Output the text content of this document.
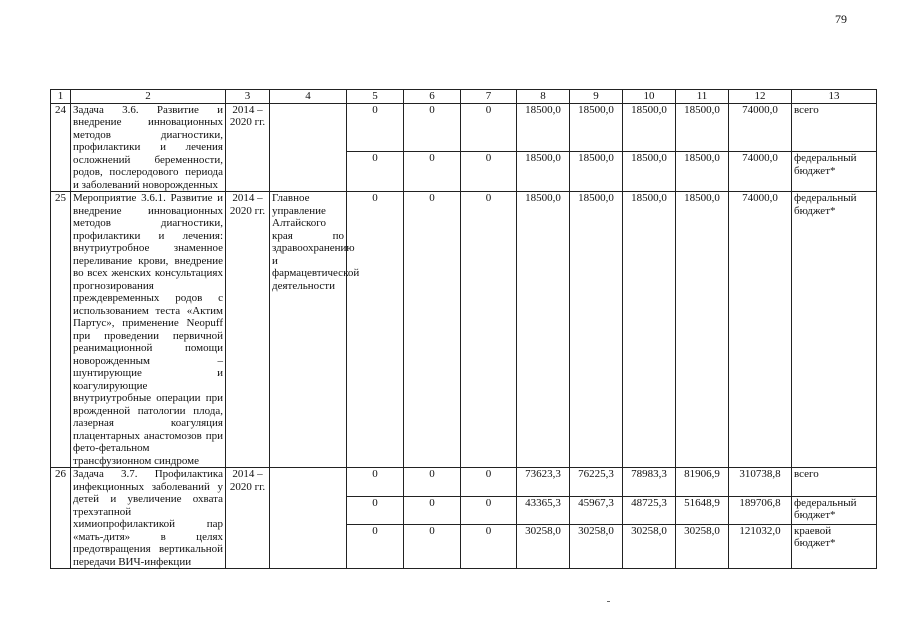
79
1	2	3	4	5	6	7	8	9	10	11	12	13
24	Задача 3.6. Развитие и внедрение инновационных методов диагностики, профилактики и лечения осложнений беременности, родов, послеродового периода и заболеваний новорожденных	2014 – 2020 гг.		0	0	0	18500,0	18500,0	18500,0	18500,0	74000,0	всего
				0	0	0	18500,0	18500,0	18500,0	18500,0	74000,0	федеральный бюджет*
25	Мероприятие 3.6.1. Развитие и внедрение инновационных методов диагностики, профилактики и лечения: внутриутробное знаменное переливание крови, внедрение во всех женских консультациях прогнозирования преждевременных родов с использованием теста «Актим Партус», применение Neopuff при проведении первичной реанимационной помощи новорожденным – шунтирующие и коагулирующие внутриутробные операции при врожденной патологии плода, лазерная коагуляция плацентарных анастомозов при фето-фетальном трансфузионном синдроме	2014 – 2020 гг.	Главное управление Алтайского края по здравоохранению и фармацевтической деятельности	0	0	0	18500,0	18500,0	18500,0	18500,0	74000,0	федеральный бюджет*
26	Задача 3.7. Профилактика инфекционных заболеваний у детей и увеличение охвата трехэтапной химиопрофилактикой пар «мать-дитя» в целях предотвращения вертикальной передачи ВИЧ-инфекции	2014 – 2020 гг.		0	0	0	73623,3	76225,3	78983,3	81906,9	310738,8	всего
				0	0	0	43365,3	45967,3	48725,3	51648,9	189706,8	федеральный бюджет*
				0	0	0	30258,0	30258,0	30258,0	30258,0	121032,0	краевой бюджет*
